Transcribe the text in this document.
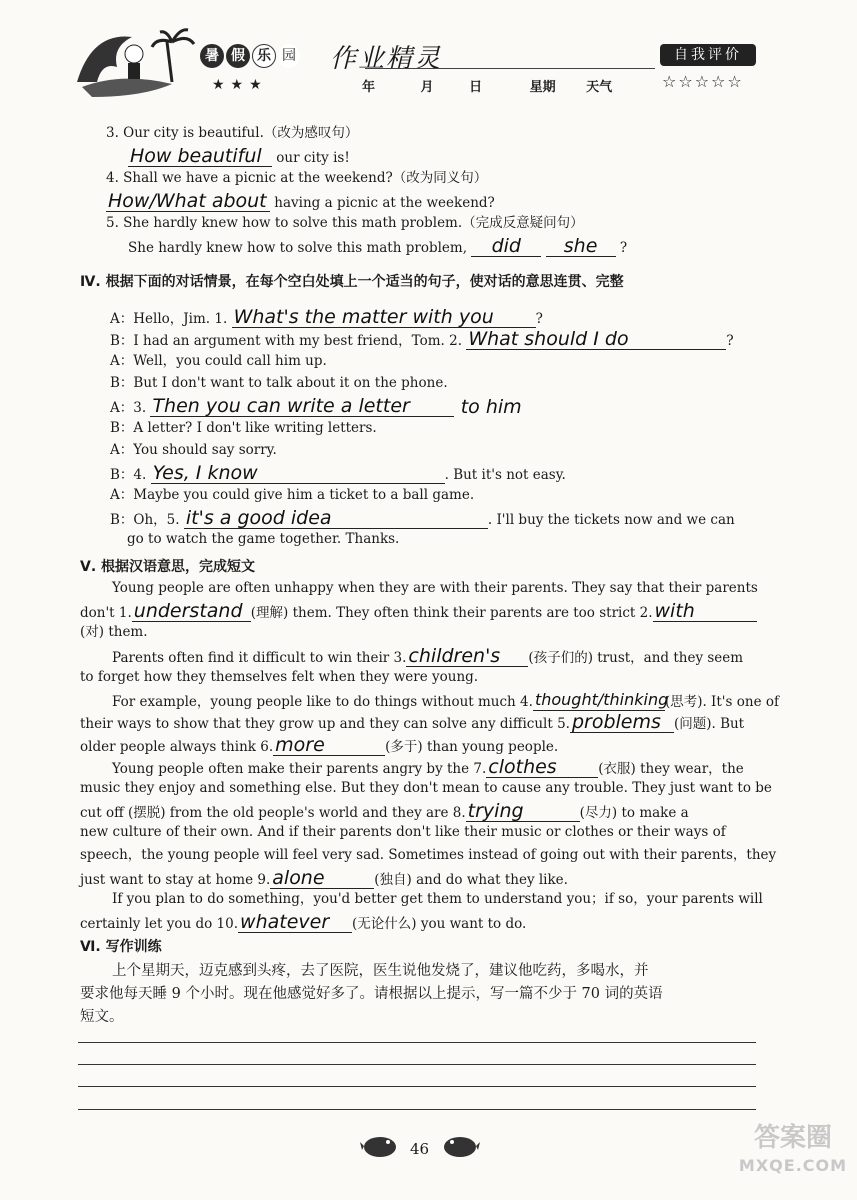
暑 假 乐 园
★★★
作业精灵
年	月	日	星期 天气
自我评价
☆☆☆☆☆
3. Our city is beautiful.（改为感叹句）
How beautiful our city is!
4. Shall we have a picnic at the weekend?（改为同义句）
How/What about having a picnic at the weekend?
5. She hardly knew how to solve this math problem.（完成反意疑问句）
She hardly knew how to solve this math problem, did she ?
Ⅳ. 根据下面的对话情景，在每个空白处填上一个适当的句子，使对话的意思连贯、完整
A：Hello，Jim. 1. What's the matter with you	?
B：I had an argument with my best friend，Tom. 2. What should I do	?
A：Well，you could call him up.
B：But I don't want to talk about it on the phone.
A：3. Then you can write a letter	to him
B：A letter? I don't like writing letters.
A：You should say sorry.
B：4. Yes, I know	. But it's not easy.
A：Maybe you could give him a ticket to a ball game.
B：Oh，5. it's a good idea	. I'll buy the tickets now and we can
go to watch the game together. Thanks.
Ⅴ. 根据汉语意思，完成短文
Young people are often unhappy when they are with their parents. They say that their parents
don't 1. understand (理解) them. They often think their parents are too strict 2. with
(对) them.
Parents often find it difficult to win their 3. children's (孩子们的) trust，and they seem
to forget how they themselves felt when they were young.
For example，young people like to do things without much 4. thought/thinking(思考). It's one of
their ways to show that they grow up and they can solve any difficult 5. problems (问题). But
older people always think 6. more	(多于) than young people.
Young people often make their parents angry by the 7. clothes	(衣服) they wear，the
music they enjoy and something else. But they don't mean to cause any trouble. They just want to be
cut off (摆脱) from the old people's world and they are 8. trying	(尽力) to make a
new culture of their own. And if their parents don't like their music or clothes or their ways of
speech，the young people will feel very sad. Sometimes instead of going out with their parents，they
just want to stay at home 9. alone	(独自) and do what they like.
If you plan to do something，you'd better get them to understand you；if so，your parents will
certainly let you do 10. whatever (无论什么) you want to do.
Ⅵ. 写作训练
上个星期天，迈克感到头疼，去了医院，医生说他发烧了，建议他吃药，多喝水，并
要求他每天睡 9 个小时。现在他感觉好多了。请根据以上提示，写一篇不少于 70 词的英语
短文。
46	答案圈
MXQE.COM
